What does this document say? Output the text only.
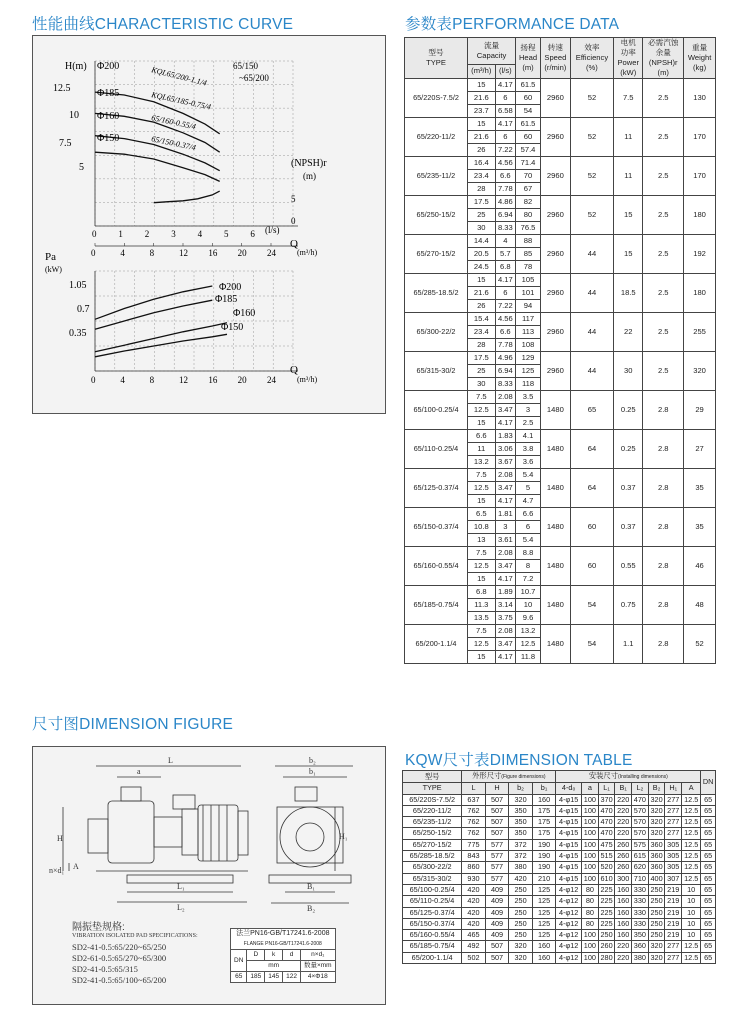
性能曲线CHARACTERISTIC CURVE	参数表PERFORMANCE DATA
尺寸图DIMENSION FIGURE
KQW尺寸表DIMENSION TABLE
0 1 2 3 4 5 6
0	4	8	12 16 20 24
0	4	8	12 16 20 24
H(m)
12.5
10
7.5
5
Φ200
Φ185
Φ160
Φ150
KQL65/200-1.1/4
KQL65/185-0.75/4
65/160-0.55/4
65/150-0.37/4
65/150
~65/200
(NPSH)r
(m)
5
0
(l/s)
Q
(m³/h)
Pa
(kW)
1.05
0.7
0.35
Φ200
Φ185
Φ160
Φ150
Q
(m³/h)
型号
TYPE	流量
Capacity		扬程
Head
(m)	转速
Speed
(r/min)	效率
Efficiency
(%)	电机
功率
Power
(kW)	必需汽蚀
余量
(NPSH)r
(m)	重量
Weight
(kg)
	(m³/h)	(l/s)						
65/220S-7.5/2	15	4.17	61.5	2960	52	7.5	2.5	130
	21.6	6	60					
	23.7	6.58	54					
65/220-11/2	15	4.17	61.5	2960	52	11	2.5	170
	21.6	6	60					
	26	7.22	57.4					
65/235-11/2	16.4	4.56	71.4	2960	52	11	2.5	170
	23.4	6.6	70					
	28	7.78	67					
65/250-15/2	17.5	4.86	82	2960	52	15	2.5	180
	25	6.94	80					
	30	8.33	76.5					
65/270-15/2	14.4	4	88	2960	44	15	2.5	192
	20.5	5.7	85					
	24.5	6.8	78					
65/285-18.5/2	15	4.17	105	2960	44	18.5	2.5	180
	21.6	6	101					
	26	7.22	94					
65/300-22/2	15.4	4.56	117	2960	44	22	2.5	255
	23.4	6.6	113					
	28	7.78	108					
65/315-30/2	17.5	4.96	129	2960	44	30	2.5	320
	25	6.94	125					
	30	8.33	118					
65/100-0.25/4	7.5	2.08	3.5	1480	65	0.25	2.8	29
	12.5	3.47	3					
	15	4.17	2.5					
65/110-0.25/4	6.6	1.83	4.1	1480	64	0.25	2.8	27
	11	3.06	3.8					
	13.2	3.67	3.6					
65/125-0.37/4	7.5	2.08	5.4	1480	64	0.37	2.8	35
	12.5	3.47	5					
	15	4.17	4.7					
65/150-0.37/4	6.5	1.81	6.6	1480	60	0.37	2.8	35
	10.8	3	6					
	13	3.61	5.4					
65/160-0.55/4	7.5	2.08	8.8	1480	60	0.55	2.8	46
	12.5	3.47	8					
	15	4.17	7.2					
65/185-0.75/4	6.8	1.89	10.7	1480	54	0.75	2.8	48
	11.3	3.14	10					
	13.5	3.75	9.6					
65/200-1.1/4	7.5	2.08	13.2	1480	54	1.1	2.8	52
	12.5	3.47	12.5					
	15	4.17	11.8					
L
a
H
L₁
L₂
b₂
b₁
B₁
B₂
H₁
A
n×d₁
隔振垫规格:
VIBRATION ISOLATED PAD SPECIFICATIONS:
SD2-41-0.5:65/220~65/250
SD2-61-0.5:65/270~65/300
SD2-41-0.5:65/315
SD2-41-0.5:65/100~65/200
法兰PN16-GB/T17241.6-2008
FLANGE PN16-GB/T17241.6-2008				
DN	D	k	d	n×d₁
	mm			数量×mm
65	185	145	122	4×Φ18
型号	外形尺寸(Figure dimensions)				安装尺寸(Installing dimensions)								DN
TYPE	L	H	b₂	b₁	4-d₀	a	L₁	B₁	L₂	B₂	H₁	A	
65/220S-7.5/2	637	507	320	160	4-φ15	100	370	220	470	320	277	12.5	65
65/220-11/2	762	507	350	175	4-φ15	100	470	220	570	320	277	12.5	65
65/235-11/2	762	507	350	175	4-φ15	100	470	220	570	320	277	12.5	65
65/250-15/2	762	507	350	175	4-φ15	100	470	220	570	320	277	12.5	65
65/270-15/2	775	577	372	190	4-φ15	100	475	260	575	360	305	12.5	65
65/285-18.5/2	843	577	372	190	4-φ15	100	515	260	615	360	305	12.5	65
65/300-22/2	860	577	380	190	4-φ15	100	520	260	620	360	305	12.5	65
65/315-30/2	930	577	420	210	4-φ15	100	610	300	710	400	307	12.5	65
65/100-0.25/4	420	409	250	125	4-φ12	80	225	160	330	250	219	10	65
65/110-0.25/4	420	409	250	125	4-φ12	80	225	160	330	250	219	10	65
65/125-0.37/4	420	409	250	125	4-φ12	80	225	160	330	250	219	10	65
65/150-0.37/4	420	409	250	125	4-φ12	80	225	160	330	250	219	10	65
65/160-0.55/4	465	409	250	125	4-φ12	100	250	160	350	250	219	10	65
65/185-0.75/4	492	507	320	160	4-φ12	100	260	220	360	320	277	12.5	65
65/200-1.1/4	502	507	320	160	4-φ12	100	280	220	380	320	277	12.5	65
